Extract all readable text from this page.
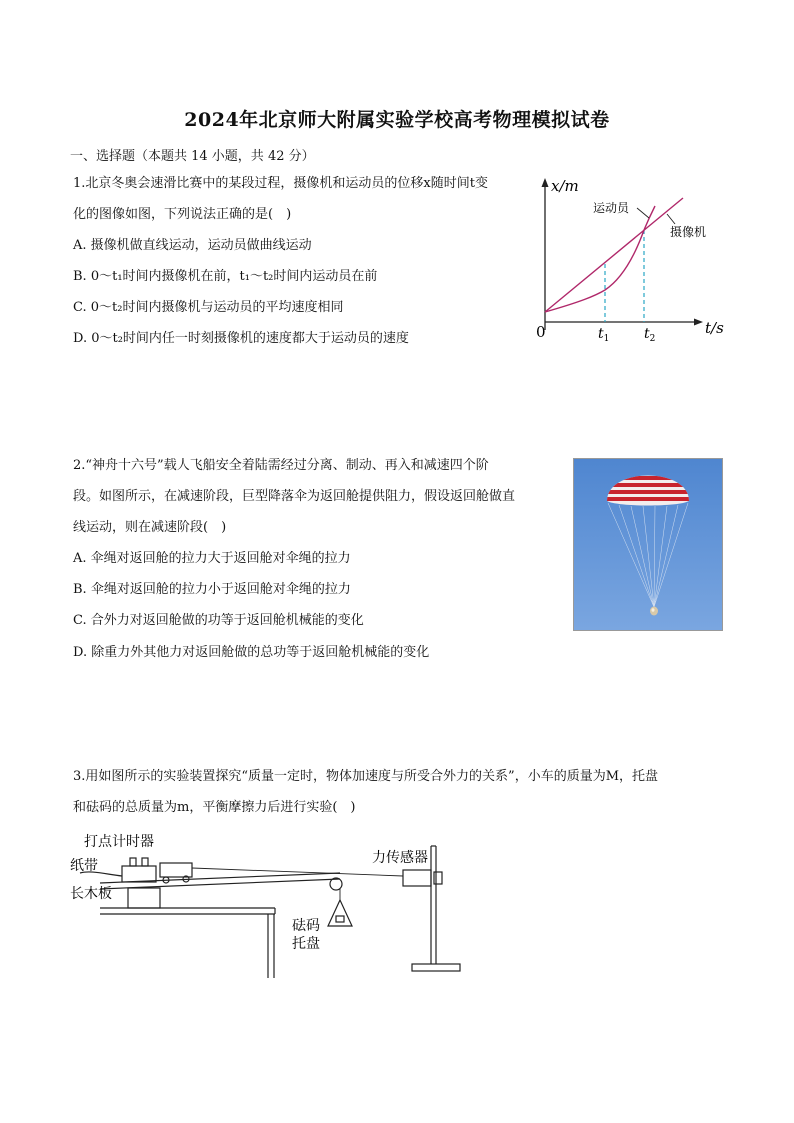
2024年北京师大附属实验学校高考物理模拟试卷
一、选择题（本题共 14 小题，共 42 分）
1.北京冬奥会速滑比赛中的某段过程，摄像机和运动员的位移x随时间t变
化的图像如图，下列说法正确的是(　)
A. 摄像机做直线运动，运动员做曲线运动
B. 0～t₁时间内摄像机在前，t₁～t₂时间内运动员在前
C. 0～t₂时间内摄像机与运动员的平均速度相同
D. 0～t₂时间内任一时刻摄像机的速度都大于运动员的速度
x/m
t/s
0	$t_1$ $t_2$
运动员
摄像机
2.“神舟十六号”载人飞船安全着陆需经过分离、制动、再入和减速四个阶
段。如图所示，在减速阶段，巨型降落伞为返回舱提供阻力，假设返回舱做直
线运动，则在减速阶段(　)
A. 伞绳对返回舱的拉力大于返回舱对伞绳的拉力
B. 伞绳对返回舱的拉力小于返回舱对伞绳的拉力
C. 合外力对返回舱做的功等于返回舱机械能的变化
D. 除重力外其他力对返回舱做的总功等于返回舱机械能的变化
3.用如图所示的实验装置探究“质量一定时，物体加速度与所受合外力的关系”，小车的质量为M，托盘
和砝码的总质量为m，平衡摩擦力后进行实验(　)
打点计时器
纸带
长木板
力传感器
砝码
托盘
